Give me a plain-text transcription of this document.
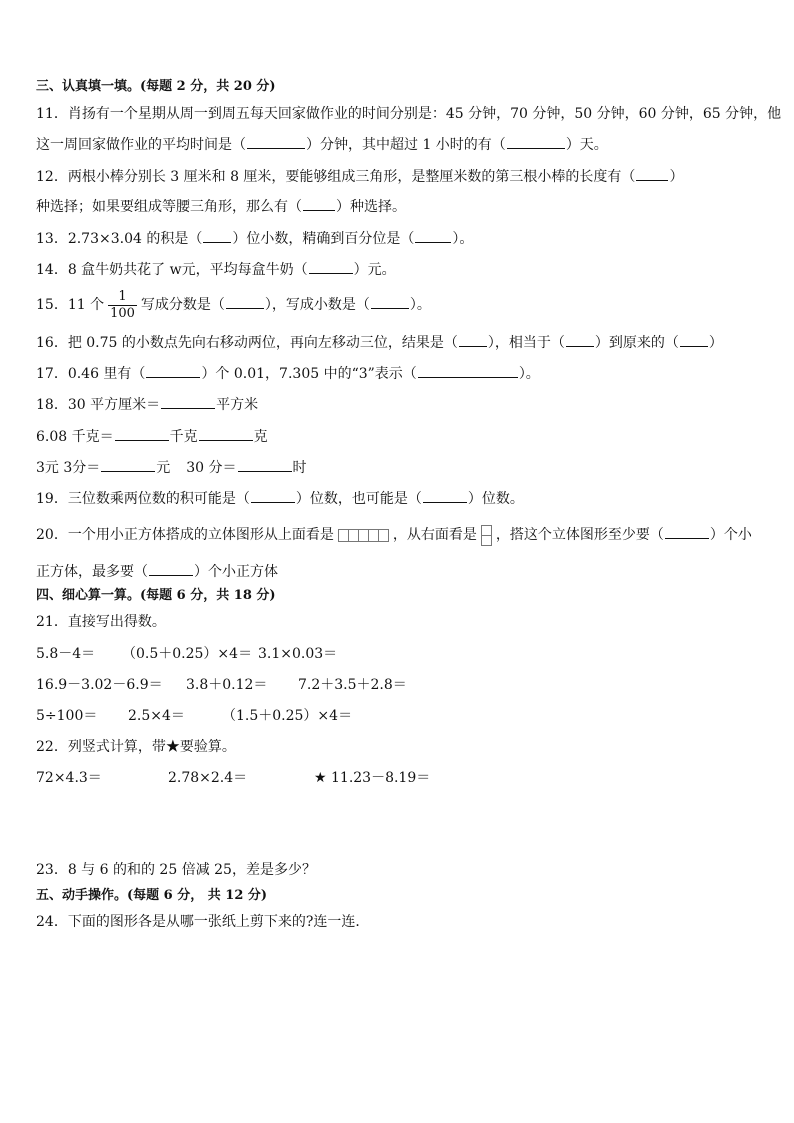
三、认真填一填。(每题 2 分，共 20 分)
11．肖扬有一个星期从周一到周五每天回家做作业的时间分别是：45 分钟，70 分钟，50 分钟，60 分钟，65 分钟，他
这一周回家做作业的平均时间是（	）分钟，其中超过 1 小时的有（	）天。
12．两根小棒分别长 3 厘米和 8 厘米，要能够组成三角形，是整厘米数的第三根小棒的长度有（ ）
种选择；如果要组成等腰三角形，那么有（ ）种选择。
13．2.73×3.04 的积是（ ）位小数，精确到百分位是（	）。
14．8 盒牛奶共花了 w元，平均每盒牛奶（	）元。
15．11 个 $\frac{1}{100}$ 写成分数是（	），写成小数是（	）。
16．把 0.75 的小数点先向右移动两位，再向左移动三位，结果是（ ），相当于（ ）到原来的（ ）
17．0.46 里有（	）个 0.01，7.305 中的“3”表示（	）。
18．30 平方厘米＝	平方米
6.08 千克＝	千克	克
3元 3分＝	元 30 分＝	时
19．三位数乘两位数的积可能是（	）位数，也可能是（	）位数。
20．一个用小正方体搭成的立体图形从上面看是	，从右面看是 ，搭这个立体图形至少要（	）个小
正方体，最多要（	）个小正方体
四、细心算一算。(每题 6 分，共 18 分)
21．直接写出得数。
5.8－4＝ （0.5＋0.25）×4＝ 3.1×0.03＝
16.9－3.02－6.9＝ 3.8＋0.12＝ 7.2＋3.5＋2.8＝
5÷100＝ 2.5×4＝	（1.5＋0.25）×4＝
22．列竖式计算，带★要验算。
72×4.3＝	2.78×2.4＝	★ 11.23－8.19＝
23．8 与 6 的和的 25 倍减 25，差是多少？
五、动手操作。(每题 6 分， 共 12 分)
24．下面的图形各是从哪一张纸上剪下来的?连一连．
